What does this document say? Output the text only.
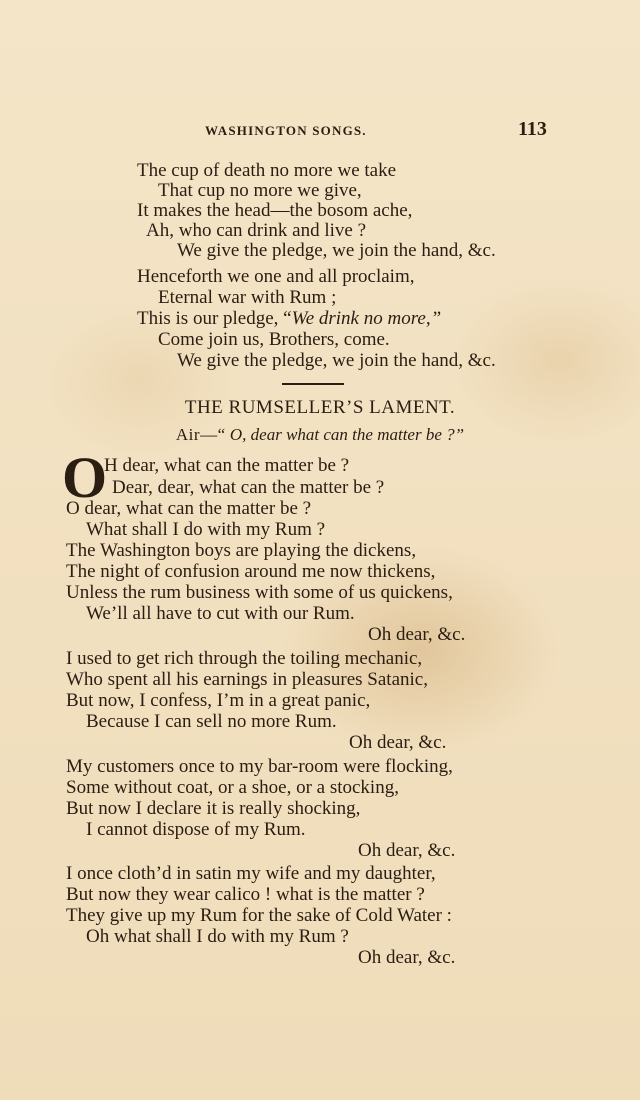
WASHINGTON SONGS.	113
The cup of death no more we take
That cup no more we give,
It makes the head—the bosom ache,
Ah, who can drink and live ?
We give the pledge, we join the hand, &c.
Henceforth we one and all proclaim,
Eternal war with Rum ;
This is our pledge, “We drink no more,”
Come join us, Brothers, come.
We give the pledge, we join the hand, &c.
THE RUMSELLER’S LAMENT.
Air—“ O, dear what can the matter be ?”
O
H dear, what can the matter be ?
Dear, dear, what can the matter be ?
O dear, what can the matter be ?
What shall I do with my Rum ?
The Washington boys are playing the dickens,
The night of confusion around me now thickens,
Unless the rum business with some of us quickens,
We’ll all have to cut with our Rum.
Oh dear, &c.
I used to get rich through the toiling mechanic,
Who spent all his earnings in pleasures Satanic,
But now, I confess, I’m in a great panic,
Because I can sell no more Rum.
Oh dear, &c.
My customers once to my bar-room were flocking,
Some without coat, or a shoe, or a stocking,
But now I declare it is really shocking,
I cannot dispose of my Rum.
Oh dear, &c.
I once cloth’d in satin my wife and my daughter,
But now they wear calico ! what is the matter ?
They give up my Rum for the sake of Cold Water :
Oh what shall I do with my Rum ?
Oh dear, &c.
